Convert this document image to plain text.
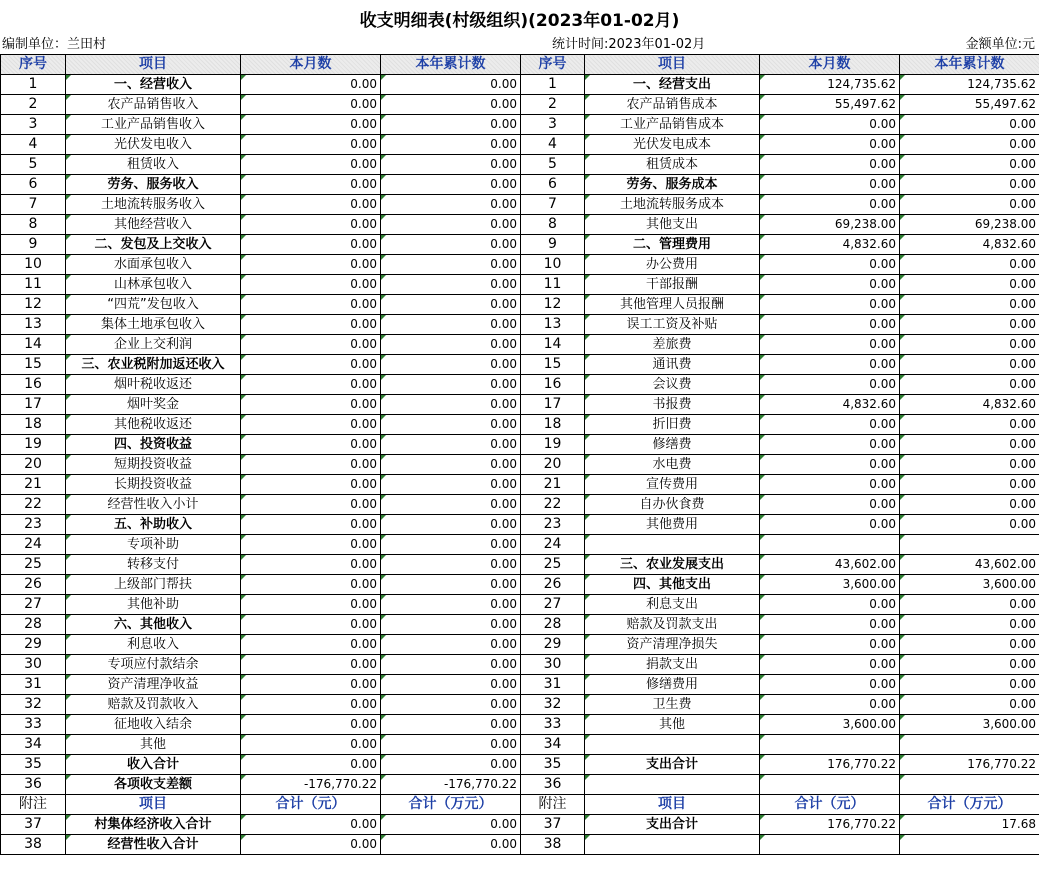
收支明细表(村级组织)(2023年01-02月)
编制单位：兰田村	统计时间:2023年01-02月	金额单位:元
序号	项目	本月数	本年累计数	序号	项目	本月数	本年累计数
1	一、经营收入	0.00	0.00	1	一、经营支出	124,735.62	124,735.62
2	农产品销售收入	0.00	0.00	2	农产品销售成本	55,497.62	55,497.62
3	工业产品销售收入	0.00	0.00	3	工业产品销售成本	0.00	0.00
4	光伏发电收入	0.00	0.00	4	光伏发电成本	0.00	0.00
5	租赁收入	0.00	0.00	5	租赁成本	0.00	0.00
6	劳务、服务收入	0.00	0.00	6	劳务、服务成本	0.00	0.00
7	土地流转服务收入	0.00	0.00	7	土地流转服务成本	0.00	0.00
8	其他经营收入	0.00	0.00	8	其他支出	69,238.00	69,238.00
9	二、发包及上交收入	0.00	0.00	9	二、管理费用	4,832.60	4,832.60
10	水面承包收入	0.00	0.00	10	办公费用	0.00	0.00
11	山林承包收入	0.00	0.00	11	干部报酬	0.00	0.00
12	“四荒”发包收入	0.00	0.00	12	其他管理人员报酬	0.00	0.00
13	集体土地承包收入	0.00	0.00	13	误工工资及补贴	0.00	0.00
14	企业上交利润	0.00	0.00	14	差旅费	0.00	0.00
15	三、农业税附加返还收入	0.00	0.00	15	通讯费	0.00	0.00
16	烟叶税收返还	0.00	0.00	16	会议费	0.00	0.00
17	烟叶奖金	0.00	0.00	17	书报费	4,832.60	4,832.60
18	其他税收返还	0.00	0.00	18	折旧费	0.00	0.00
19	四、投资收益	0.00	0.00	19	修缮费	0.00	0.00
20	短期投资收益	0.00	0.00	20	水电费	0.00	0.00
21	长期投资收益	0.00	0.00	21	宣传费用	0.00	0.00
22	经营性收入小计	0.00	0.00	22	自办伙食费	0.00	0.00
23	五、补助收入	0.00	0.00	23	其他费用	0.00	0.00
24	专项补助	0.00	0.00	24			
25	转移支付	0.00	0.00	25	三、农业发展支出	43,602.00	43,602.00
26	上级部门帮扶	0.00	0.00	26	四、其他支出	3,600.00	3,600.00
27	其他补助	0.00	0.00	27	利息支出	0.00	0.00
28	六、其他收入	0.00	0.00	28	赔款及罚款支出	0.00	0.00
29	利息收入	0.00	0.00	29	资产清理净损失	0.00	0.00
30	专项应付款结余	0.00	0.00	30	捐款支出	0.00	0.00
31	资产清理净收益	0.00	0.00	31	修缮费用	0.00	0.00
32	赔款及罚款收入	0.00	0.00	32	卫生费	0.00	0.00
33	征地收入结余	0.00	0.00	33	其他	3,600.00	3,600.00
34	其他	0.00	0.00	34			
35	收入合计	0.00	0.00	35	支出合计	176,770.22	176,770.22
36	各项收支差额	-176,770.22	-176,770.22	36			
附注	项目	合计（元）	合计（万元）	附注	项目	合计（元）	合计（万元）
37	村集体经济收入合计	0.00	0.00	37	支出合计	176,770.22	17.68
38	经营性收入合计	0.00	0.00	38			
